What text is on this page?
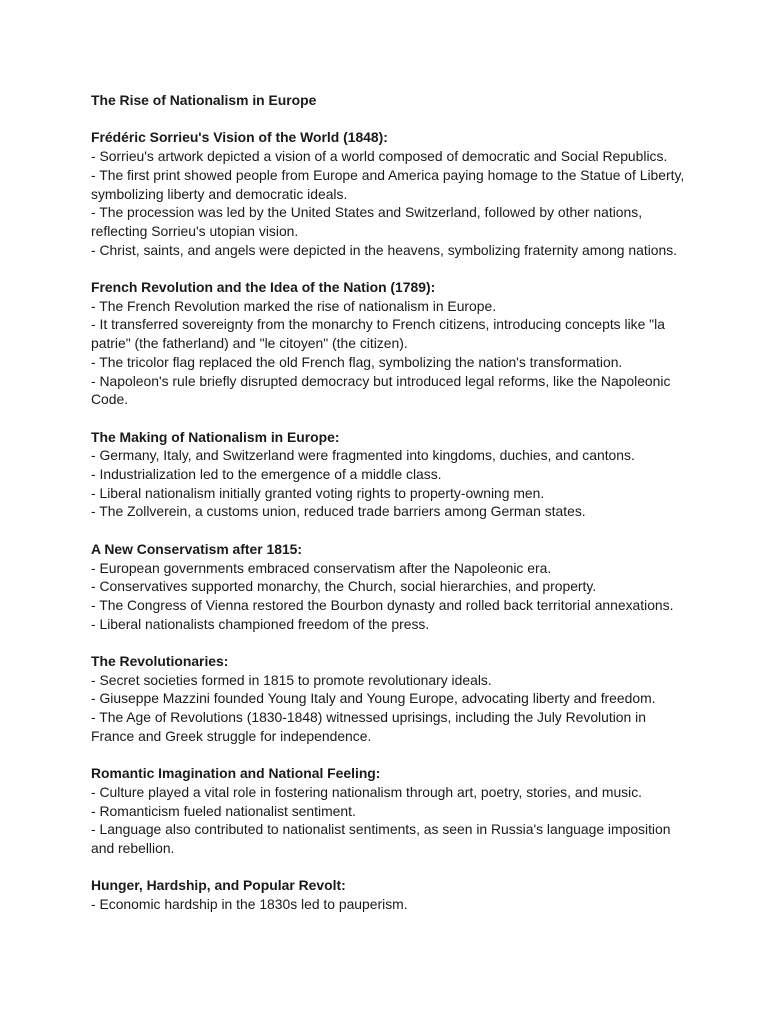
The Rise of Nationalism in Europe
Frédéric Sorrieu's Vision of the World (1848):
- Sorrieu's artwork depicted a vision of a world composed of democratic and Social Republics.
- The first print showed people from Europe and America paying homage to the Statue of Liberty, symbolizing liberty and democratic ideals.
- The procession was led by the United States and Switzerland, followed by other nations, reflecting Sorrieu's utopian vision.
- Christ, saints, and angels were depicted in the heavens, symbolizing fraternity among nations.
French Revolution and the Idea of the Nation (1789):
- The French Revolution marked the rise of nationalism in Europe.
- It transferred sovereignty from the monarchy to French citizens, introducing concepts like "la patrie" (the fatherland) and "le citoyen" (the citizen).
- The tricolor flag replaced the old French flag, symbolizing the nation's transformation.
- Napoleon's rule briefly disrupted democracy but introduced legal reforms, like the Napoleonic Code.
The Making of Nationalism in Europe:
- Germany, Italy, and Switzerland were fragmented into kingdoms, duchies, and cantons.
- Industrialization led to the emergence of a middle class.
- Liberal nationalism initially granted voting rights to property-owning men.
- The Zollverein, a customs union, reduced trade barriers among German states.
A New Conservatism after 1815:
- European governments embraced conservatism after the Napoleonic era.
- Conservatives supported monarchy, the Church, social hierarchies, and property.
- The Congress of Vienna restored the Bourbon dynasty and rolled back territorial annexations.
- Liberal nationalists championed freedom of the press.
The Revolutionaries:
- Secret societies formed in 1815 to promote revolutionary ideals.
- Giuseppe Mazzini founded Young Italy and Young Europe, advocating liberty and freedom.
- The Age of Revolutions (1830-1848) witnessed uprisings, including the July Revolution in France and Greek struggle for independence.
Romantic Imagination and National Feeling:
- Culture played a vital role in fostering nationalism through art, poetry, stories, and music.
- Romanticism fueled nationalist sentiment.
- Language also contributed to nationalist sentiments, as seen in Russia's language imposition and rebellion.
Hunger, Hardship, and Popular Revolt:
- Economic hardship in the 1830s led to pauperism.
